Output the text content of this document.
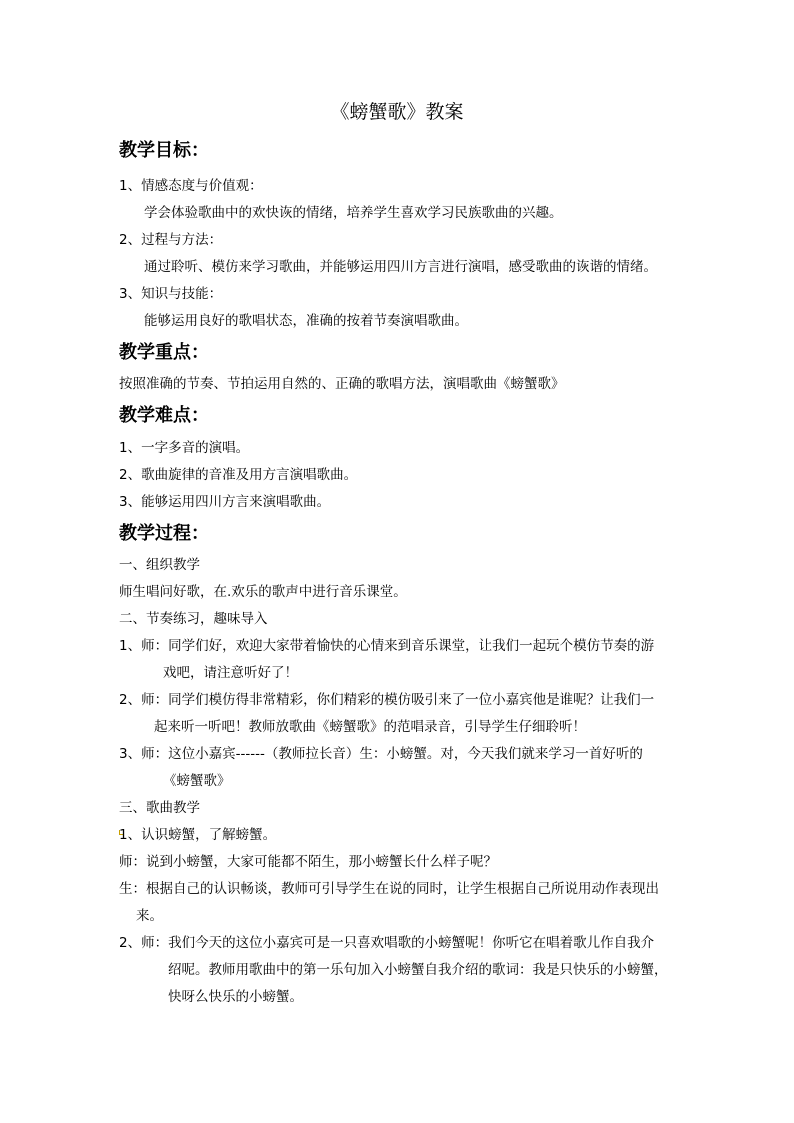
《螃蟹歌》教案
教学目标：
1、情感态度与价值观：
学会体验歌曲中的欢快诙的情绪，培养学生喜欢学习民族歌曲的兴趣。
2、过程与方法：
通过聆听、模仿来学习歌曲，并能够运用四川方言进行演唱，感受歌曲的诙谐的情绪。
3、知识与技能：
能够运用良好的歌唱状态，准确的按着节奏演唱歌曲。
教学重点：
按照准确的节奏、节拍运用自然的、正确的歌唱方法，演唱歌曲《螃蟹歌》
教学难点：
1、一字多音的演唱。
2、歌曲旋律的音准及用方言演唱歌曲。
3、能够运用四川方言来演唱歌曲。
教学过程：
一、组织教学
师生唱问好歌，在.欢乐的歌声中进行音乐课堂。
二、节奏练习，趣味导入
1、师：同学们好，欢迎大家带着愉快的心情来到音乐课堂，让我们一起玩个模仿节奏的游
戏吧，请注意听好了！
2、师：同学们模仿得非常精彩，你们精彩的模仿吸引来了一位小嘉宾他是谁呢？让我们一
起来听一听吧！教师放歌曲《螃蟹歌》的范唱录音，引导学生仔细聆听！
3、师：这位小嘉宾------（教师拉长音）生：小螃蟹。对，今天我们就来学习一首好听的
《螃蟹歌》
三、歌曲教学
1、认识螃蟹，了解螃蟹。
师：说到小螃蟹，大家可能都不陌生，那小螃蟹长什么样子呢？
生：根据自己的认识畅谈，教师可引导学生在说的同时，让学生根据自己所说用动作表现出
来。
2、师：我们今天的这位小嘉宾可是一只喜欢唱歌的小螃蟹呢！你听它在唱着歌儿作自我介
绍呢。教师用歌曲中的第一乐句加入小螃蟹自我介绍的歌词：我是只快乐的小螃蟹，
快呀么快乐的小螃蟹。
